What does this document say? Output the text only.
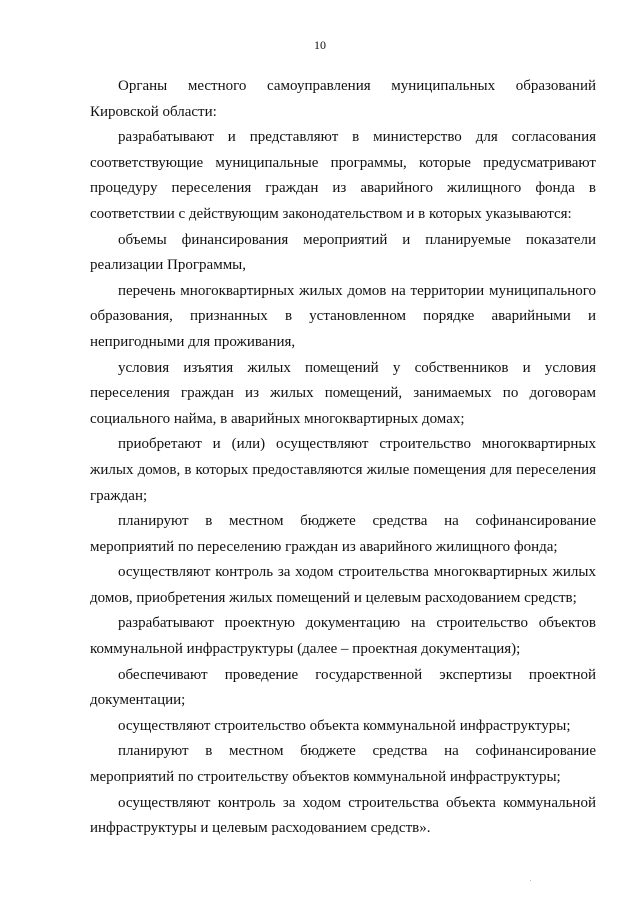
10

Органы местного самоуправления муниципальных образований Кировской области:

разрабатывают и представляют в министерство для согласования соответствующие муниципальные программы, которые предусматривают процедуру переселения граждан из аварийного жилищного фонда в соответствии с действующим законодательством и в которых указываются:

объемы финансирования мероприятий и планируемые показатели реализации Программы,

перечень многоквартирных жилых домов на территории муниципального образования, признанных в установленном порядке аварийными и непригодными для проживания,

условия изъятия жилых помещений у собственников и условия переселения граждан из жилых помещений, занимаемых по договорам социального найма, в аварийных многоквартирных домах;

приобретают и (или) осуществляют строительство многоквартирных жилых домов, в которых предоставляются жилые помещения для переселения граждан;

планируют в местном бюджете средства на софинансирование мероприятий по переселению граждан из аварийного жилищного фонда;

осуществляют контроль за ходом строительства многоквартирных жилых домов, приобретения жилых помещений и целевым расходованием средств;

разрабатывают проектную документацию на строительство объектов коммунальной инфраструктуры (далее – проектная документация);

обеспечивают проведение государственной экспертизы проектной документации;

осуществляют строительство объекта коммунальной инфраструктуры;

планируют в местном бюджете средства на софинансирование мероприятий по строительству объектов коммунальной инфраструктуры;

осуществляют контроль за ходом строительства объекта коммунальной инфраструктуры и целевым расходованием средств».
